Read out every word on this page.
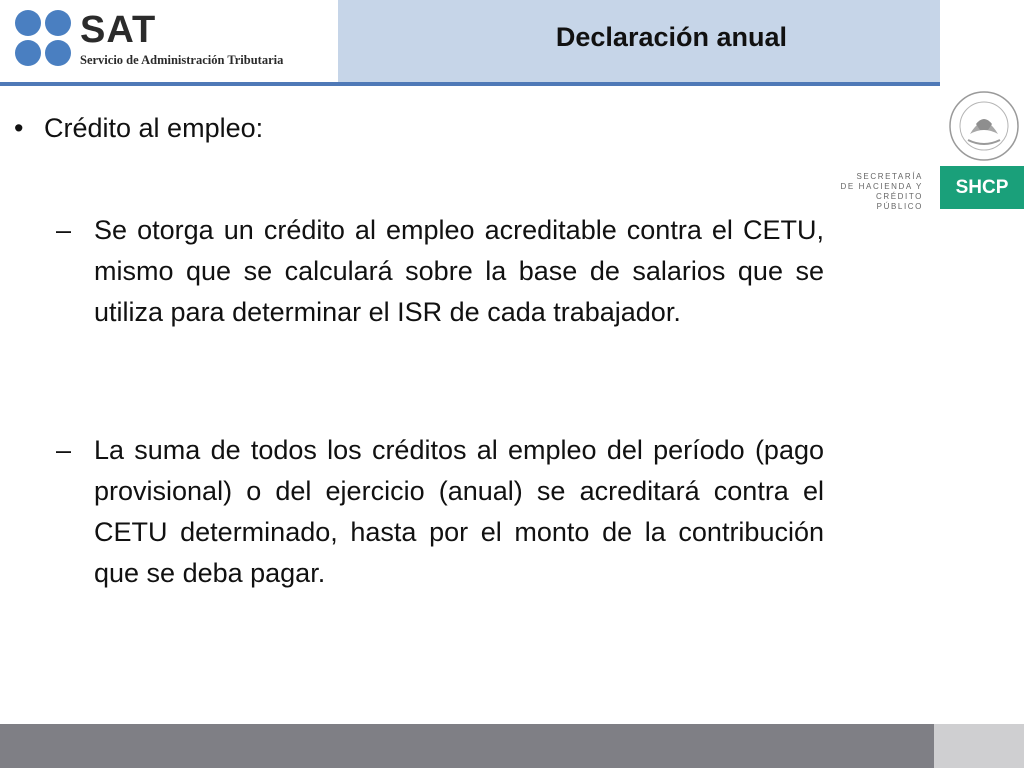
SAT
Servicio de Administración Tributaria
Declaración anual
SECRETARÍA
DE HACIENDA Y
CRÉDITO PÚBLICO
SHCP
• Crédito al empleo:
– Se otorga un crédito al empleo acreditable contra el CETU, mismo que se calculará sobre la base de salarios que se utiliza para determinar el ISR de cada trabajador.
– La suma de todos los créditos al empleo del período (pago provisional) o del ejercicio (anual) se acreditará contra el CETU determinado, hasta por el monto de la contribución que se deba pagar.
